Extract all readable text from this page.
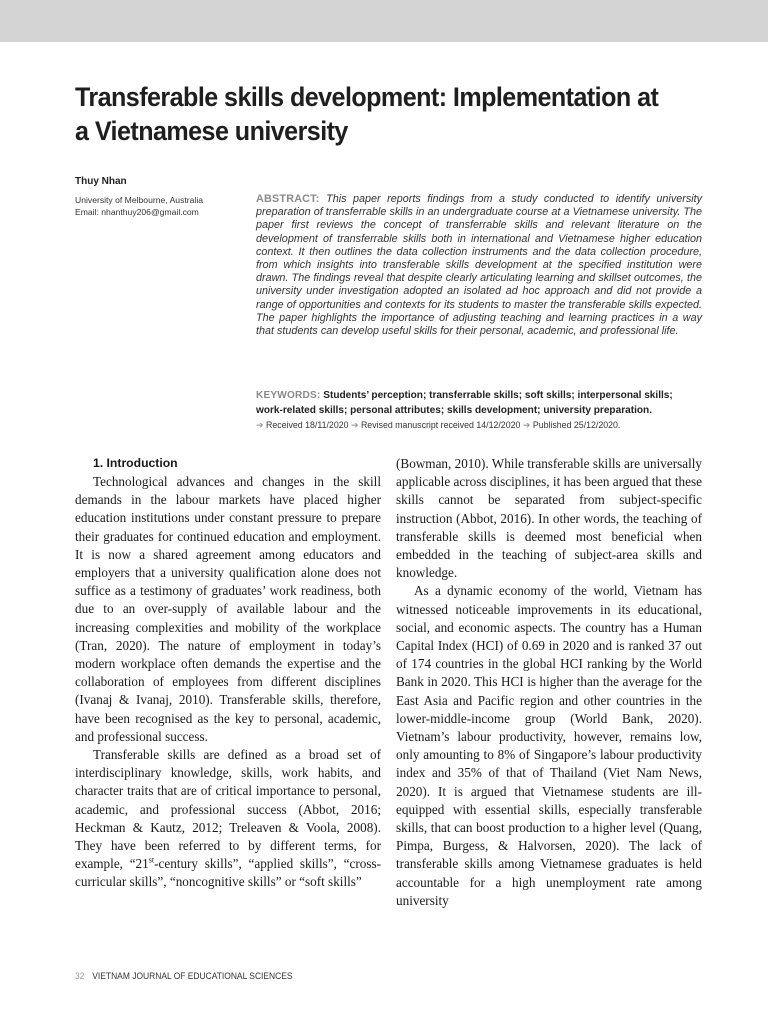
Transferable skills development: Implementation at a Vietnamese university

Thuy Nhan

University of Melbourne, Australia
Email: nhanthuy206@gmail.com

ABSTRACT: This paper reports findings from a study conducted to identify university preparation of transferrable skills in an undergraduate course at a Vietnamese university. The paper first reviews the concept of transferrable skills and relevant literature on the development of transferrable skills both in international and Vietnamese higher education context. It then outlines the data collection instruments and the data collection procedure, from which insights into transferable skills development at the specified institution were drawn. The findings reveal that despite clearly articulating learning and skillset outcomes, the university under investigation adopted an isolated ad hoc approach and did not provide a range of opportunities and contexts for its students to master the transferable skills expected. The paper highlights the importance of adjusting teaching and learning practices in a way that students can develop useful skills for their personal, academic, and professional life.

KEYWORDS: Students’ perception; transferrable skills; soft skills; interpersonal skills; work-related skills; personal attributes; skills development; university preparation.

➔ Received 18/11/2020 ➔ Revised manuscript received 14/12/2020 ➔ Published 25/12/2020.
1. Introduction

Technological advances and changes in the skill demands in the labour markets have placed higher education institutions under constant pressure to prepare their graduates for continued education and employment. It is now a shared agreement among educators and employers that a university qualification alone does not suffice as a testimony of graduates’ work readiness, both due to an over-supply of available labour and the increasing complexities and mobility of the workplace (Tran, 2020). The nature of employment in today’s modern workplace often demands the expertise and the collaboration of employees from different disciplines (Ivanaj & Ivanaj, 2010). Transferable skills, therefore, have been recognised as the key to personal, academic, and professional success.

Transferable skills are defined as a broad set of interdisciplinary knowledge, skills, work habits, and character traits that are of critical importance to personal, academic, and professional success (Abbot, 2016; Heckman & Kautz, 2012; Treleaven & Voola, 2008). They have been referred to by different terms, for example, “21st-century skills”, “applied skills”, “cross-curricular skills”, “noncognitive skills” or “soft skills”

(Bowman, 2010). While transferable skills are universally applicable across disciplines, it has been argued that these skills cannot be separated from subject-specific instruction (Abbot, 2016). In other words, the teaching of transferable skills is deemed most beneficial when embedded in the teaching of subject-area skills and knowledge.

As a dynamic economy of the world, Vietnam has witnessed noticeable improvements in its educational, social, and economic aspects. The country has a Human Capital Index (HCI) of 0.69 in 2020 and is ranked 37 out of 174 countries in the global HCI ranking by the World Bank in 2020. This HCI is higher than the average for the East Asia and Pacific region and other countries in the lower-middle-income group (World Bank, 2020). Vietnam’s labour productivity, however, remains low, only amounting to 8% of Singapore’s labour productivity index and 35% of that of Thailand (Viet Nam News, 2020). It is argued that Vietnamese students are ill-equipped with essential skills, especially transferable skills, that can boost production to a higher level (Quang, Pimpa, Burgess, & Halvorsen, 2020). The lack of transferable skills among Vietnamese graduates is held accountable for a high unemployment rate among university

32 VIETNAM JOURNAL OF EDUCATIONAL SCIENCES
